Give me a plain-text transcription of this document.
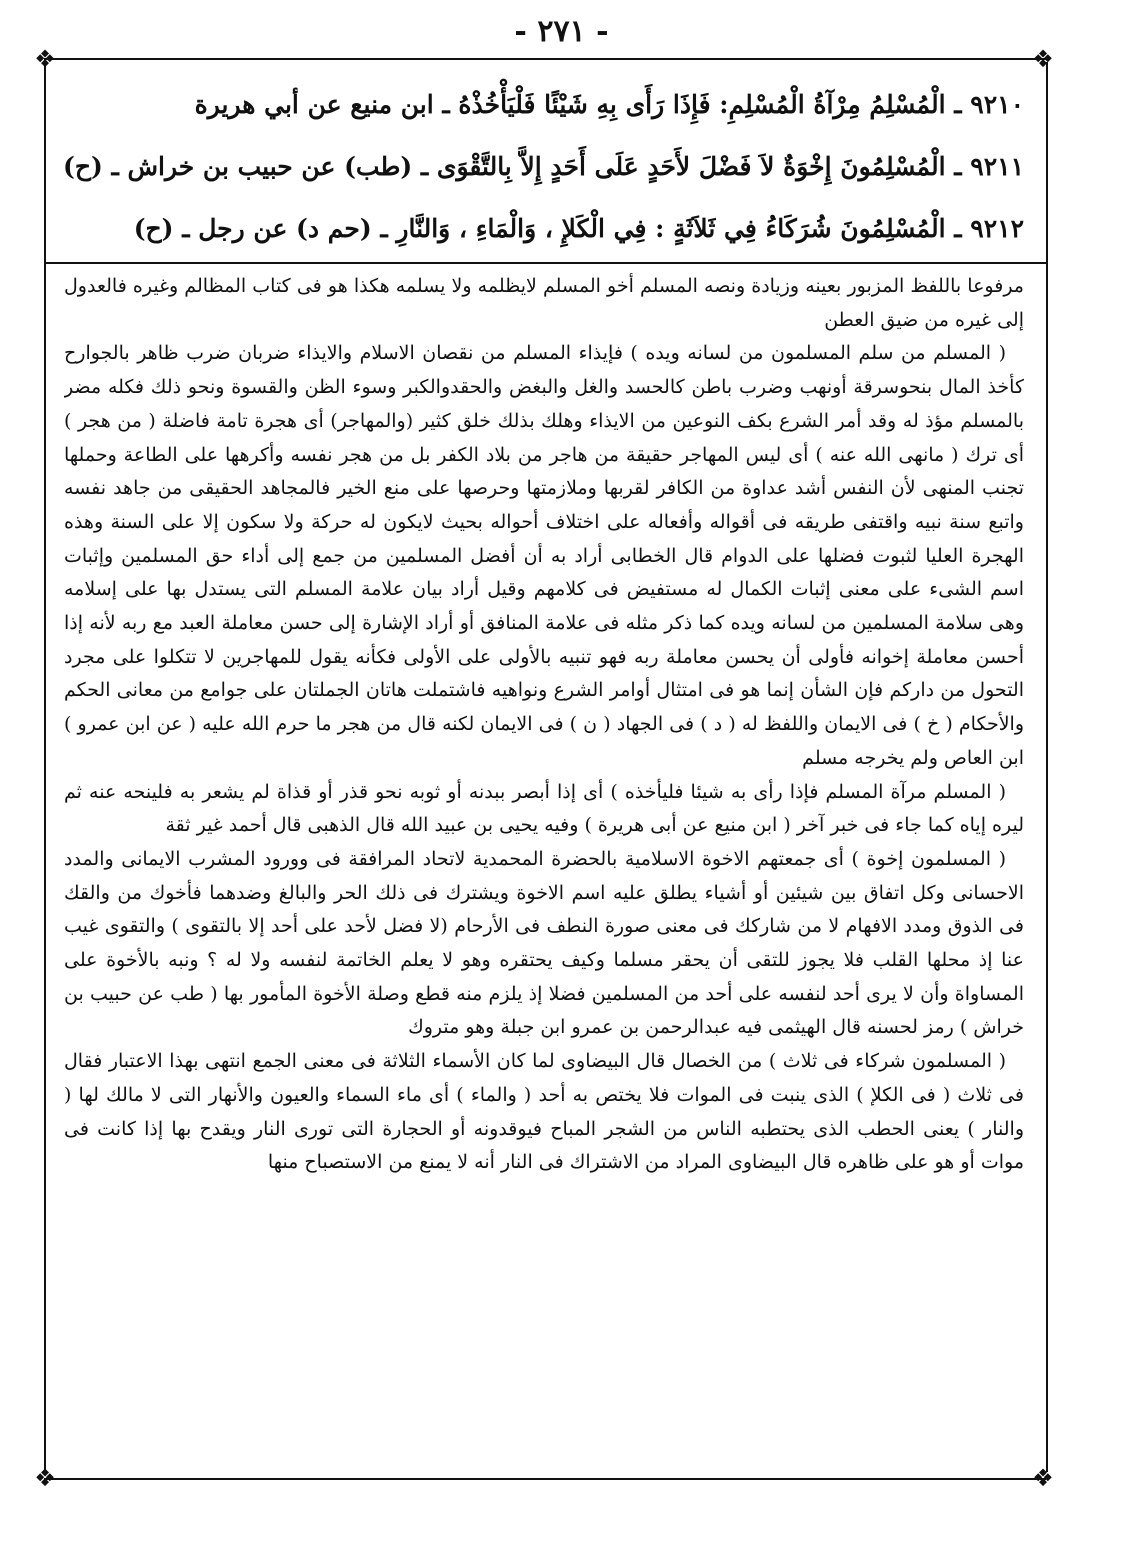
- ٢٧١ -
❖	❖
❖	❖
٩٢١٠ ـ الْمُسْلِمُ مِرْآةُ الْمُسْلِمِ: فَإِذَا رَأَى بِهِ شَيْئًا فَلْيَأْخُذْهُ ـ ابن منيع عن أبي هريرة
٩٢١١ ـ الْمُسْلِمُونَ إِخْوَةٌ لاَ فَضْلَ لأَحَدٍ عَلَى أَحَدٍ إِلاَّ بِالتَّقْوَى ـ (طب) عن حبيب بن خراش ـ (ح)
٩٢١٢ ـ الْمُسْلِمُونَ شُرَكَاءُ فِي ثَلاَثَةٍ : فِي الْكَلإِ ، وَالْمَاءِ ، وَالنَّارِ ـ (حم د) عن رجل ـ (ح)

مرفوعا باللفظ المزبور بعينه وزيادة ونصه المسلم أخو المسلم لايظلمه ولا يسلمه هكذا هو فى كتاب المظالم وغيره فالعدول إلى غيره من ضيق العطن

( المسلم من سلم المسلمون من لسانه ويده ) فإيذاء المسلم من نقصان الاسلام والايذاء ضربان ضرب ظاهر بالجوارح كأخذ المال بنحوسرقة أونهب وضرب باطن كالحسد والغل والبغض والحقدوالكبر وسوء الظن والقسوة ونحو ذلك فكله مضر بالمسلم مؤذ له وقد أمر الشرع بكف النوعين من الايذاء وهلك بذلك خلق كثير (والمهاجر) أى هجرة تامة فاضلة ( من هجر ) أى ترك ( مانهى الله عنه ) أى ليس المهاجر حقيقة من هاجر من بلاد الكفر بل من هجر نفسه وأكرهها على الطاعة وحملها تجنب المنهى لأن النفس أشد عداوة من الكافر لقربها وملازمتها وحرصها على منع الخير فالمجاهد الحقيقى من جاهد نفسه واتبع سنة نبيه واقتفى طريقه فى أقواله وأفعاله على اختلاف أحواله بحيث لايكون له حركة ولا سكون إلا على السنة وهذه الهجرة العليا لثبوت فضلها على الدوام قال الخطابى أراد به أن أفضل المسلمين من جمع إلى أداء حق المسلمين وإثبات اسم الشىء على معنى إثبات الكمال له مستفيض فى كلامهم وقيل أراد بيان علامة المسلم التى يستدل بها على إسلامه وهى سلامة المسلمين من لسانه ويده كما ذكر مثله فى علامة المنافق أو أراد الإشارة إلى حسن معاملة العبد مع ربه لأنه إذا أحسن معاملة إخوانه فأولى أن يحسن معاملة ربه فهو تنبيه بالأولى على الأولى فكأنه يقول للمهاجرين لا تتكلوا على مجرد التحول من داركم فإن الشأن إنما هو فى امتثال أوامر الشرع ونواهيه فاشتملت هاتان الجملتان على جوامع من معانى الحكم والأحكام ( خ ) فى الايمان واللفظ له ( د ) فى الجهاد ( ن ) فى الايمان لكنه قال من هجر ما حرم الله عليه ( عن ابن عمرو ) ابن العاص ولم يخرجه مسلم

( المسلم مرآة المسلم فإذا رأى به شيئا فليأخذه ) أى إذا أبصر ببدنه أو ثوبه نحو قذر أو قذاة لم يشعر به فلينحه عنه ثم ليره إياه كما جاء فى خبر آخر ( ابن منيع عن أبى هريرة ) وفيه يحيى بن عبيد الله قال الذهبى قال أحمد غير ثقة

( المسلمون إخوة ) أى جمعتهم الاخوة الاسلامية بالحضرة المحمدية لاتحاد المرافقة فى وورود المشرب الايمانى والمدد الاحسانى وكل اتفاق بين شيئين أو أشياء يطلق عليه اسم الاخوة ويشترك فى ذلك الحر والبالغ وضدهما فأخوك من والقك فى الذوق ومدد الافهام لا من شاركك فى معنى صورة النطف فى الأرحام (لا فضل لأحد على أحد إلا بالتقوى ) والتقوى غيب عنا إذ محلها القلب فلا يجوز للتقى أن يحقر مسلما وكيف يحتقره وهو لا يعلم الخاتمة لنفسه ولا له ؟ ونبه بالأخوة على المساواة وأن لا يرى أحد لنفسه على أحد من المسلمين فضلا إذ يلزم منه قطع وصلة الأخوة المأمور بها ( طب عن حبيب بن خراش ) رمز لحسنه قال الهيثمى فيه عبدالرحمن بن عمرو ابن جبلة وهو متروك

( المسلمون شركاء فى ثلاث ) من الخصال قال البيضاوى لما كان الأسماء الثلاثة فى معنى الجمع انتهى بهذا الاعتبار فقال فى ثلاث ( فى الكلإ ) الذى ينبت فى الموات فلا يختص به أحد ( والماء ) أى ماء السماء والعيون والأنهار التى لا مالك لها ( والنار ) يعنى الحطب الذى يحتطبه الناس من الشجر المباح فيوقدونه أو الحجارة التى تورى النار ويقدح بها إذا كانت فى موات أو هو على ظاهره قال البيضاوى المراد من الاشتراك فى النار أنه لا يمنع من الاستصباح منها
